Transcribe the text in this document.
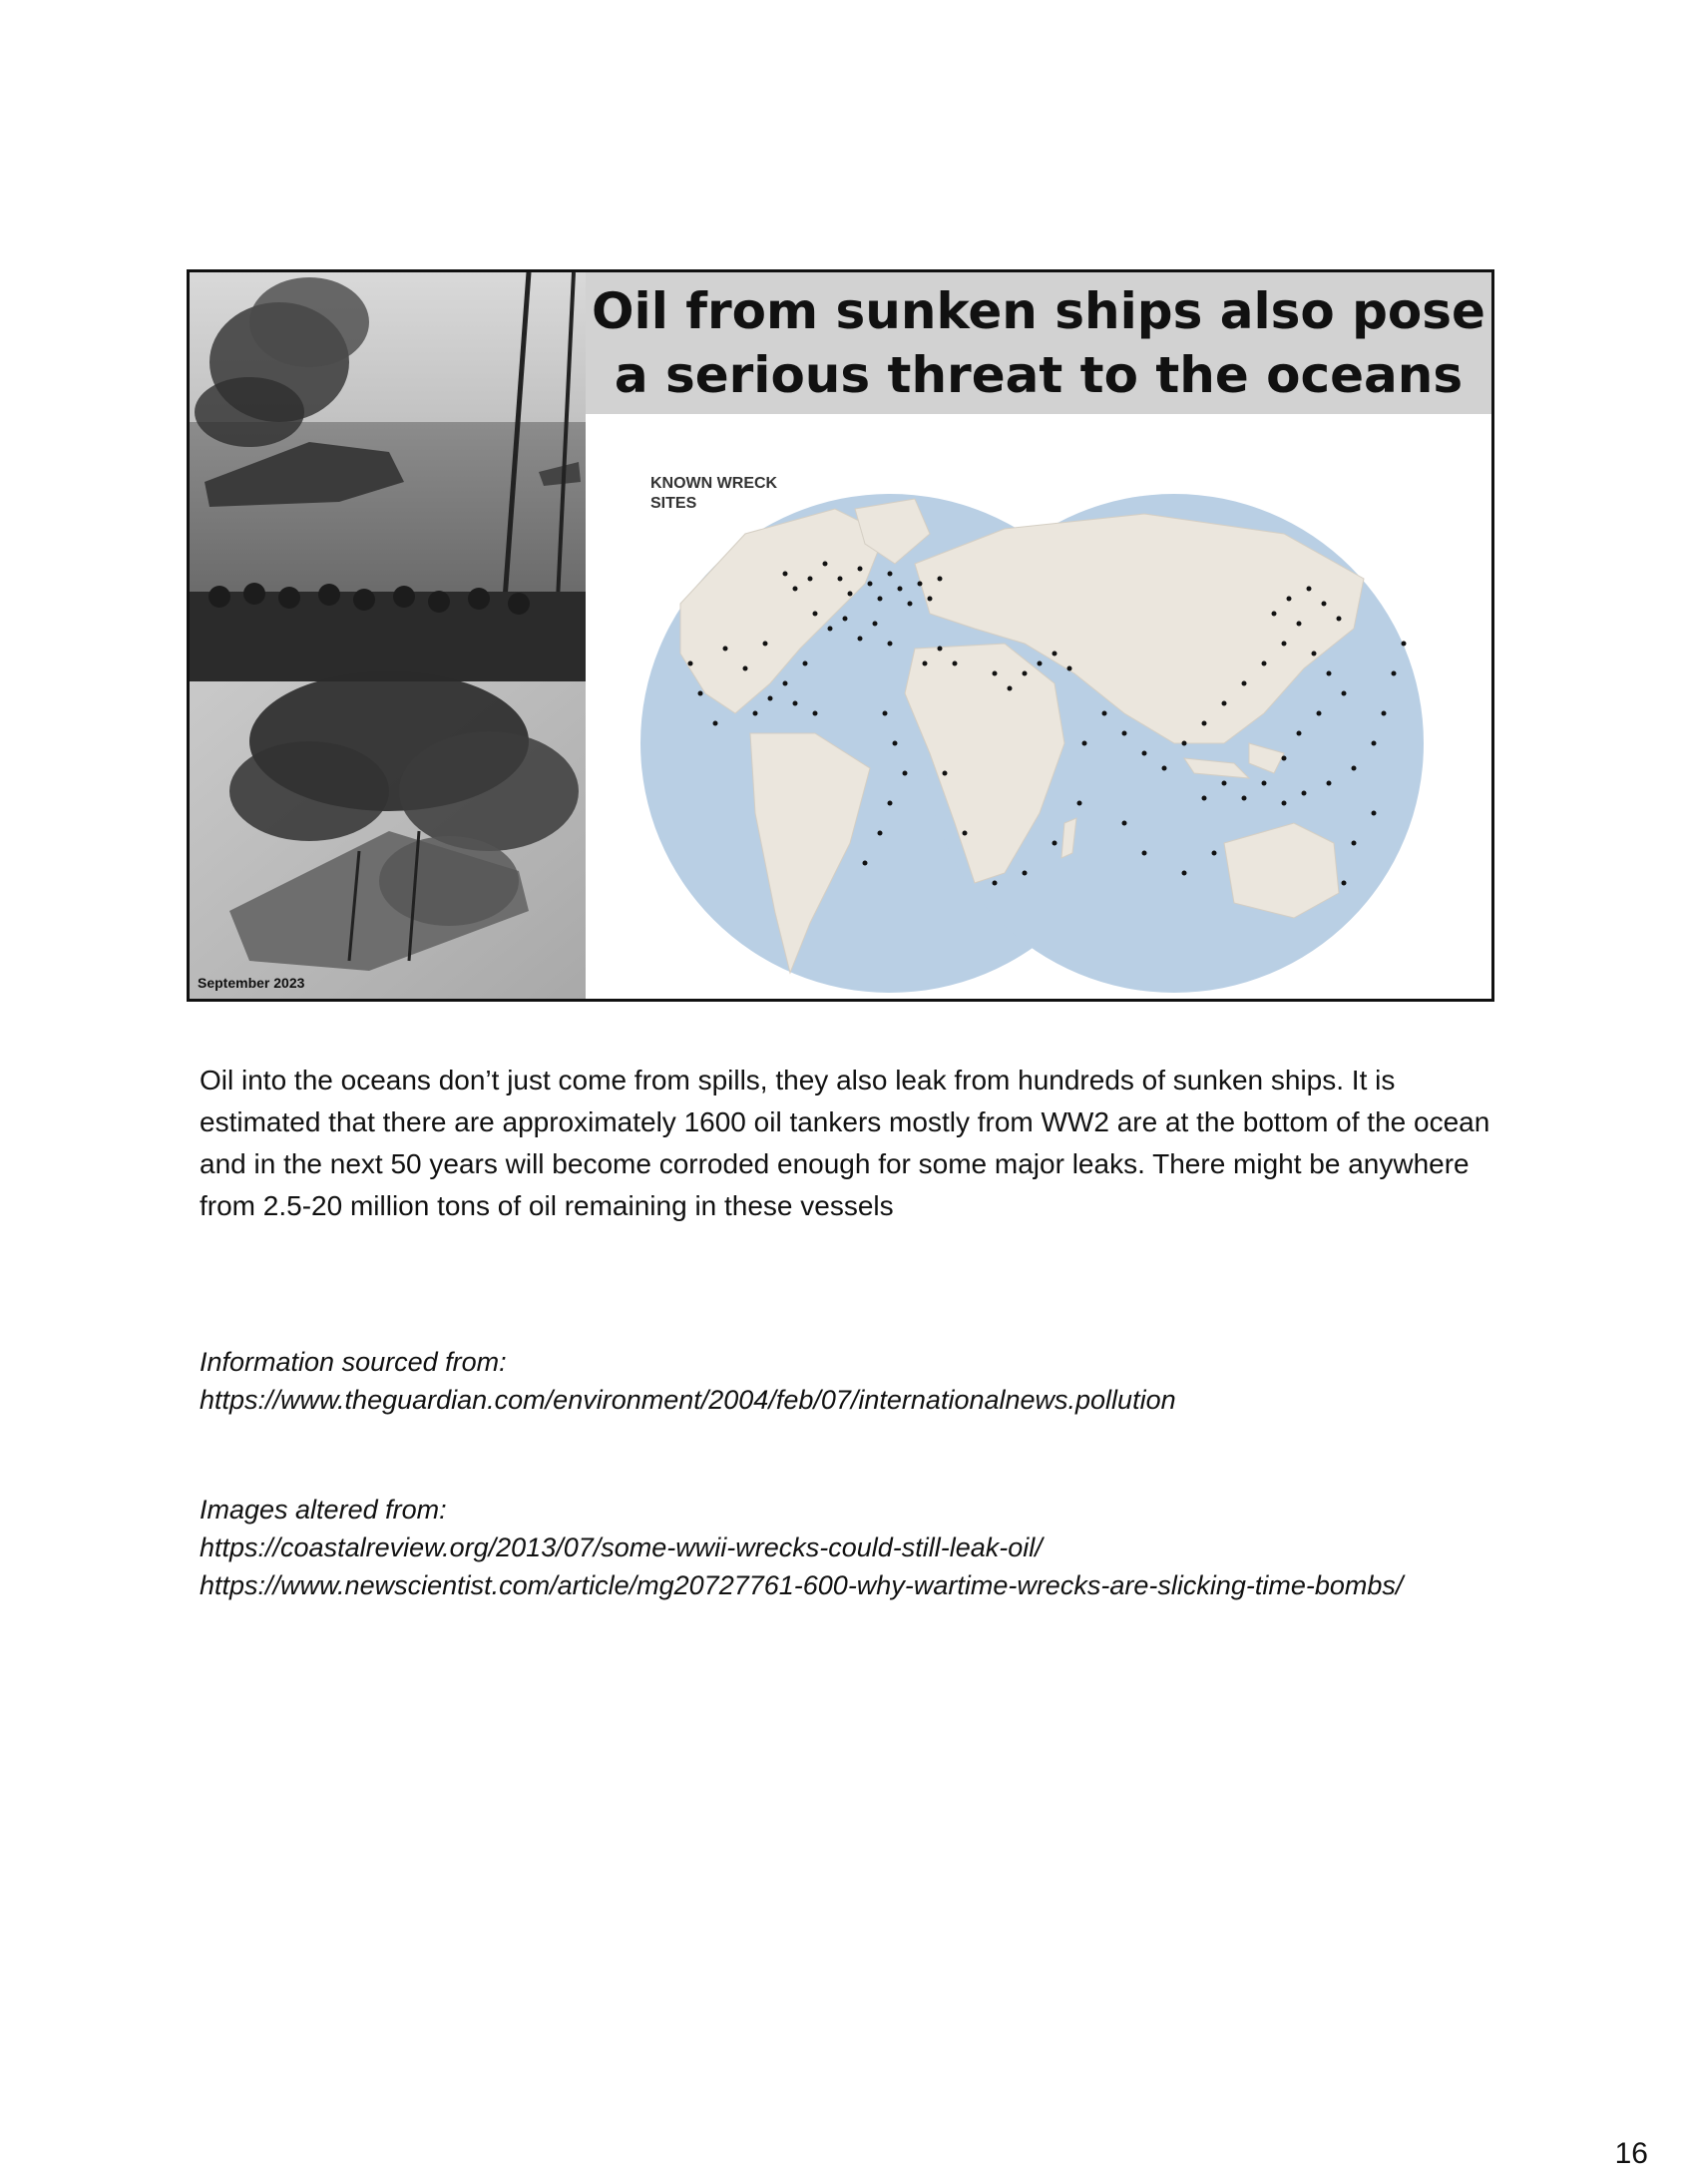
September 2023
Oil from sunken ships also pose a serious threat to the oceans
KNOWN WRECK SITES

Oil into the oceans don’t just come from spills, they also leak from hundreds of sunken ships. It is estimated that there are approximately 1600 oil tankers mostly from WW2 are at the bottom of the ocean and in the next 50 years will become corroded enough for some major leaks. There might be anywhere from 2.5-20 million tons of oil remaining in these vessels

Information sourced from:
https://www.theguardian.com/environment/2004/feb/07/internationalnews.pollution
Images altered from:
https://coastalreview.org/2013/07/some-wwii-wrecks-could-still-leak-oil/
https://www.newscientist.com/article/mg20727761-600-why-wartime-wrecks-are-slicking-time-bombs/
16
